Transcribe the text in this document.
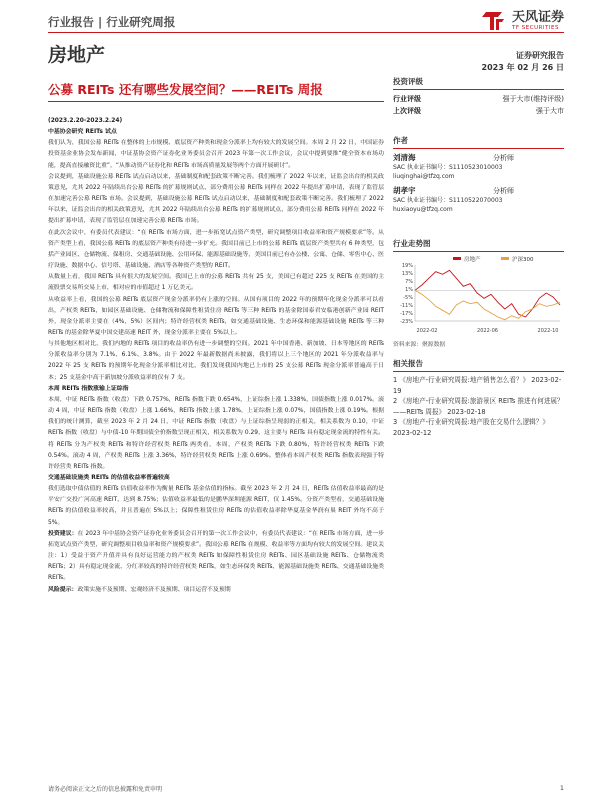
行业报告 | 行业研究周报	天风证券
TF SECURITIES
房地产	证券研究报告
2023 年 02 月 26 日
公募 REITs 还有哪些发展空间？——REITs 周报
(2023.2.20-2023.2.24)
中基协会研究 REITs 试点

我们认为，我国公募 REITs 在整体的上市规模、底层资产种类和现金分派率上均有较大的发展空间。本周 2 月 22 日，中国证券投资基金业协会发布新闻，中证基协会资产证券化业务委员会召开 2023 年第一次工作会议，会议中提到要推“健全资本市场功能，提高直接融资比重”，“从推动资产证券化和 REITs 市场高质量发展等两个方面开展研讨”。

会议提到，基础设施公募 REITs 试点启动以来，基础制度和配套政策不断完善。我们梳理了 2022 年以来，证监会出台的相关政策意见，尤其 2022 年陆续出台公募 REITs 的扩募规则试点、部分费用公募 REITs 同样在 2022 年提出扩募申请，表现了监管层在加速完善公募 REITs 市场。会议提到，基础设施公募 REITs 试点启动以来，基础制度和配套政策不断完善。我们梳理了 2022 年以来，证监会出台的相关政策意见，尤其 2022 年陆续出台公募 REITs 的扩募规则试点、部分费用公募 REITs 同样在 2022 年提出扩募申请，表现了监管层在加速完善公募 REITs 市场。

在此次会议中，有委员代表建议：“在 REITs 市场方面，进一步拓宽试点资产类型，研究调整项目收益率和资产规模要求”等。从资产类型上看，我国公募 REITs 的底层资产种类有待进一步扩充。我国目前已上市的公募 REITs 底层资产类型共有 6 种类型，包括产业园区、仓储物流、保租房、交通基础设施、公用环保、能源基础设施等，美国目前已有办公楼、公寓、仓储、零售中心、医疗设施、数据中心、信号塔、基础设施、酒店等各种资产类型的 REIT。

从数量上看，我国 REITs 具有很大的发展空间。我国已上市的公募 REITs 共有 25 支，美国已有超过 225 支 REITs 在美国的主流股票交易所交易上市，相对应的市值超过 1 万亿美元。

从收益率上看，我国的公募 REITs 底层资产现金分派率仍有上涨的空间。从国有项目的 2022 年的预期年化现金分派率可以看出，产权类 REITs，如园区基础设施、仓储物流和保障性租赁住房 REITs 等三种 REITs 的基金除国泰君安临港创新产业园 REIT 外，现金分派率主要在（4%，5%）区间内；特许经营权类 REITs，如交通基础设施、生态环保和能源基础设施 REITs 等三种 REITs 的基金除华夏中国交建高速 REIT 外，现金分派率主要在 5%以上。

与其他地区相对比，我们内地的 REITs 项目的收益率仍有进一步调整的空间。2021 年中国香港、新加坡、日本等地区的 REITs 分派收益率分别为 7.1%、6.1%、3.8%。由于 2022 年最新数据尚未披露，我们将以上三个地区的 2021 年分派收益率与 2022 年 25 支 REITs 的预期年化现金分派率相比对比，我们发现我国内地已上市的 25 支公募 REITs 现金分派率普遍高于日本；25 支基金中高于新加坡分派收益率的仅有 7 支。

本周 REITs 指数涨输上证综指

本周，中证 REITs 指数（收盘）下跌 0.757%，REITs 指数下跌 0.654%，上证综指上涨 1.338%，国债指数上涨 0.017%。滚动 4 周，中证 REITs 指数（收盘）上涨 1.66%，REITs 指数上涨 1.78%，上证综指上涨 0.07%，国债指数上涨 0.19%。根据我们的统计测算，截至 2023 年 2 月 24 日，中证 REITs 指数（收盘）与上证综指呈现弱的正相关，相关系数为 0.10，中证 REITs 指数（收盘）与中债-10 年期国债全价指数呈现正相关，相关系数为 0.29，这主要与 REITs 具有稳定现金流的特性有关。将 REITs 分为产权类 REITs 和特许经营权类 REITs 两类看，本周，产权类 REITs 下跌 0.80%，特许经营权类 REITs 下跌 0.54%。滚动 4 周，产权类 REITs 上涨 3.36%，特许经营权类 REITs 上涨 0.69%。整体看本周产权类 REITs 指数表现强于特许经营类 REITs 指数。

交通基础设施类 REITs 的估值收益率普遍较高

我们选取中债估值的 REITs 估值收益率作为衡量 REITs 基金估值的指标。截至 2023 年 2 月 24 日，REITs 估值收益率最高的是平安广交投广河高速 REIT，达到 8.75%；估值收益率最低的是鹏华深圳能源 REIT，仅 1.45%。分资产类型看，交通基础设施 REITs 的估值收益率较高，并且普遍在 5%以上；保障性租赁住房 REITs 的估值收益率除华夏基金华润有巢 REIT 外均不高于 5%。

投资建议：在 2023 年中基协会资产证券化业务委员会召开的第一次工作会议中，有委员代表建议：“在 REITs 市场方面，进一步拓宽试点资产类型，研究调整项目收益率和资产规模要求”。我国公募 REITs 在规模、收益率等方面均有较大的发展空间。建议关注：1）受益于资产升值并具有良好运营能力的产权类 REITs 如保障性租赁住房 REITs、园区基础设施 REITs、仓储物流类 REITs；2）具有稳定现金流、分红率较高的特许经营权类 REITs，如生态环保类 REITs、能源基础设施类 REITs、交通基础设施类 REITs。

风险提示：政策实施不及预期、宏观经济不及预期、项目运营不及预期

投资评级
行业评级	强于大市(维持评级)
上次评级	强于大市
作者
刘清海	分析师
SAC 执业证书编号：S1110523010003
liuqinghai@tfzq.com
胡孝宇	分析师
SAC 执业证书编号：S1110522070003
huxiaoyu@tfzq.com
行业走势图
房地产	沪深300
19%
13%
7%
1%
-5%
-11%
-17%
-23%
2022-02	2022-06	2022-10
资料来源：聚源数据
相关报告
1 《房地产-行业研究周报:地产销售怎么看？》 2023-02-19
2 《房地产-行业研究周报:旅游景区 REITs 推进有何进展？——REITs 周报》 2023-02-18
3 《房地产-行业研究周报:地产股在交易什么逻辑？》 2023-02-12
请务必阅读正文之后的信息披露和免责申明	1
